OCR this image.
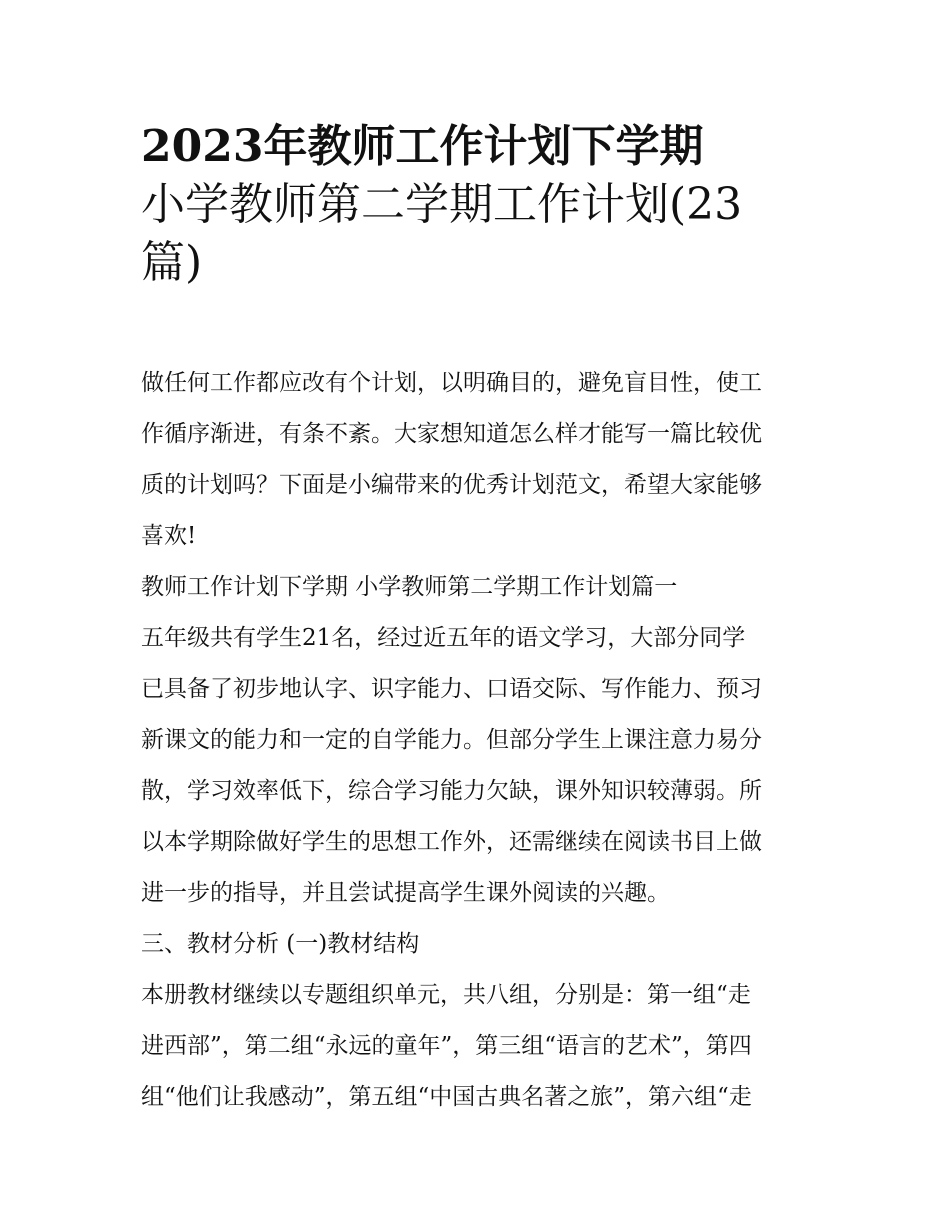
2023年教师工作计划下学期
小学教师第二学期工作计划(23
篇)
做任何工作都应改有个计划，以明确目的，避免盲目性，使工
作循序渐进，有条不紊。大家想知道怎么样才能写一篇比较优
质的计划吗？下面是小编带来的优秀计划范文，希望大家能够
喜欢!
教师工作计划下学期 小学教师第二学期工作计划篇一
五年级共有学生21名，经过近五年的语文学习，大部分同学
已具备了初步地认字、识字能力、口语交际、写作能力、预习
新课文的能力和一定的自学能力。但部分学生上课注意力易分
散，学习效率低下，综合学习能力欠缺，课外知识较薄弱。所
以本学期除做好学生的思想工作外，还需继续在阅读书目上做
进一步的指导，并且尝试提高学生课外阅读的兴趣。
三、教材分析 (一)教材结构
本册教材继续以专题组织单元，共八组，分别是：第一组“走
进西部”，第二组“永远的童年”，第三组“语言的艺术”，第四
组“他们让我感动”，第五组“中国古典名著之旅”，第六组“走
